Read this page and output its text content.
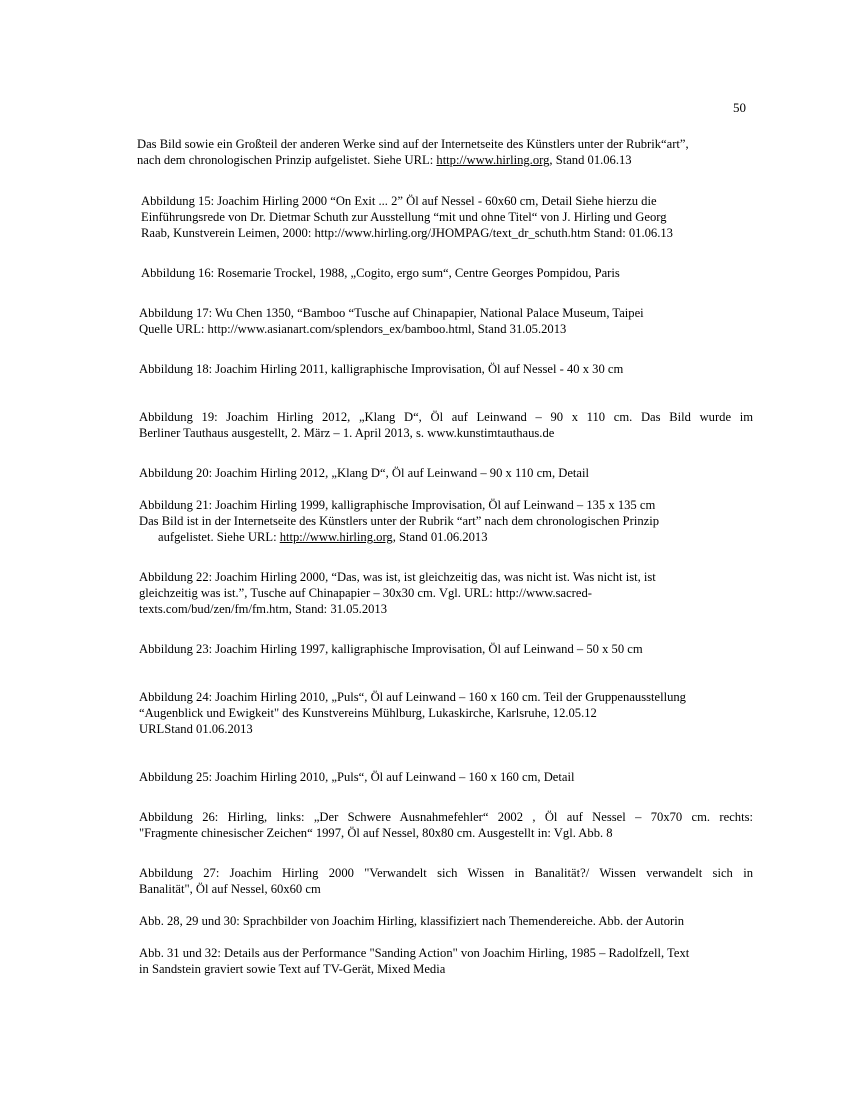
50
Das Bild sowie ein Großteil der anderen Werke sind auf der Internetseite des Künstlers unter der Rubrik“art”,
nach dem chronologischen Prinzip aufgelistet. Siehe URL: http://www.hirling.org, Stand 01.06.13
Abbildung 15: Joachim Hirling 2000 “On Exit ... 2” Öl auf Nessel - 60x60 cm, Detail Siehe hierzu die
Einführungsrede von Dr. Dietmar Schuth zur Ausstellung “mit und ohne Titel“ von J. Hirling und Georg
Raab, Kunstverein Leimen, 2000: http://www.hirling.org/JHOMPAG/text_dr_schuth.htm Stand: 01.06.13
Abbildung 16: Rosemarie Trockel, 1988, „Cogito, ergo sum“, Centre Georges Pompidou, Paris
Abbildung 17: Wu Chen 1350, “Bamboo “Tusche auf Chinapapier, National Palace Museum, Taipei
Quelle URL: http://www.asianart.com/splendors_ex/bamboo.html, Stand 31.05.2013
Abbildung 18: Joachim Hirling 2011, kalligraphische Improvisation, Öl auf Nessel - 40 x 30 cm
Abbildung 19: Joachim Hirling 2012, „Klang D“, Öl auf Leinwand – 90 x 110 cm. Das Bild wurde im
Berliner Tauthaus ausgestellt, 2. März – 1. April 2013, s. www.kunstimtauthaus.de
Abbildung 20: Joachim Hirling 2012, „Klang D“, Öl auf Leinwand – 90 x 110 cm, Detail
Abbildung 21: Joachim Hirling 1999, kalligraphische Improvisation, Öl auf Leinwand – 135 x 135 cm
Das Bild ist in der Internetseite des Künstlers unter der Rubrik “art” nach dem chronologischen Prinzip
aufgelistet. Siehe URL: http://www.hirling.org, Stand 01.06.2013
Abbildung 22: Joachim Hirling 2000, “Das, was ist, ist gleichzeitig das, was nicht ist. Was nicht ist, ist
gleichzeitig was ist.”, Tusche auf Chinapapier – 30x30 cm. Vgl. URL: http://www.sacred-
texts.com/bud/zen/fm/fm.htm, Stand: 31.05.2013
Abbildung 23: Joachim Hirling 1997, kalligraphische Improvisation, Öl auf Leinwand – 50 x 50 cm
Abbildung 24: Joachim Hirling 2010, „Puls“, Öl auf Leinwand – 160 x 160 cm. Teil der Gruppenausstellung
“Augenblick und Ewigkeit" des Kunstvereins Mühlburg, Lukaskirche, Karlsruhe, 12.05.12
URLStand 01.06.2013
Abbildung 25: Joachim Hirling 2010, „Puls“, Öl auf Leinwand – 160 x 160 cm, Detail
Abbildung 26: Hirling, links: „Der Schwere Ausnahmefehler“ 2002 , Öl auf Nessel – 70x70 cm. rechts:
"Fragmente chinesischer Zeichen“ 1997, Öl auf Nessel, 80x80 cm. Ausgestellt in: Vgl. Abb. 8
Abbildung 27: Joachim Hirling 2000 "Verwandelt sich Wissen in Banalität?/ Wissen verwandelt sich in
Banalität", Öl auf Nessel, 60x60 cm
Abb. 28, 29 und 30: Sprachbilder von Joachim Hirling, klassifiziert nach Themendereiche. Abb. der Autorin
Abb. 31 und 32: Details aus der Performance "Sanding Action" von Joachim Hirling, 1985 – Radolfzell, Text
in Sandstein graviert sowie Text auf TV-Gerät, Mixed Media
